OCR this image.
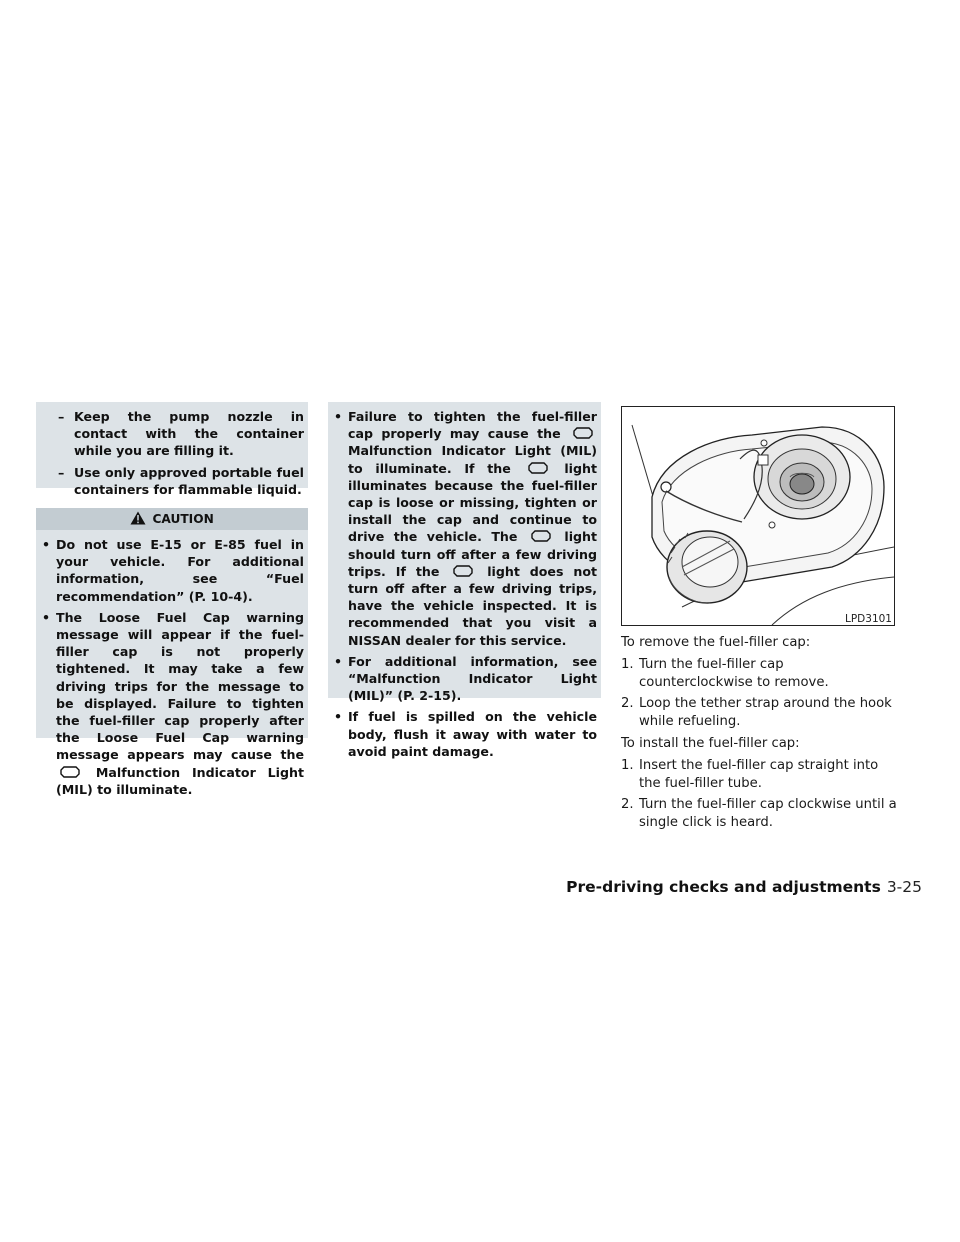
– Keep the pump nozzle in contact with the container while you are filling it.
– Use only approved portable fuel containers for flammable liquid.
CAUTION
• Do not use E-15 or E-85 fuel in your vehicle. For additional information, see “Fuel recommendation” (P. 10-4).
• The Loose Fuel Cap warning message will appear if the fuel-filler cap is not properly tightened. It may take a few driving trips for the message to be displayed. Failure to tighten the fuel-filler cap properly after the Loose Fuel Cap warning message appears may cause the  Malfunction Indicator Light (MIL) to illuminate.
• Failure to tighten the fuel-filler cap properly may cause the  Malfunction Indicator Light (MIL) to illuminate. If the	light illuminates because the fuel-filler cap is loose or missing, tighten or install the cap and continue to drive the vehicle. The	light should turn off after a few driving trips. If the	light does not turn off after a few driving trips, have the vehicle inspected. It is recommended that you visit a NISSAN dealer for this service.
• For additional information, see “Malfunction Indicator Light (MIL)” (P. 2-15).
• If fuel is spilled on the vehicle body, flush it away with water to avoid paint damage.
LPD3101
To remove the fuel-filler cap:
1. Turn the fuel-filler cap counterclockwise to remove.
2. Loop the tether strap around the hook while refueling.
To install the fuel-filler cap:
1. Insert the fuel-filler cap straight into the fuel-filler tube.
2. Turn the fuel-filler cap clockwise until a single click is heard.
Pre-driving checks and adjustments 3-25
